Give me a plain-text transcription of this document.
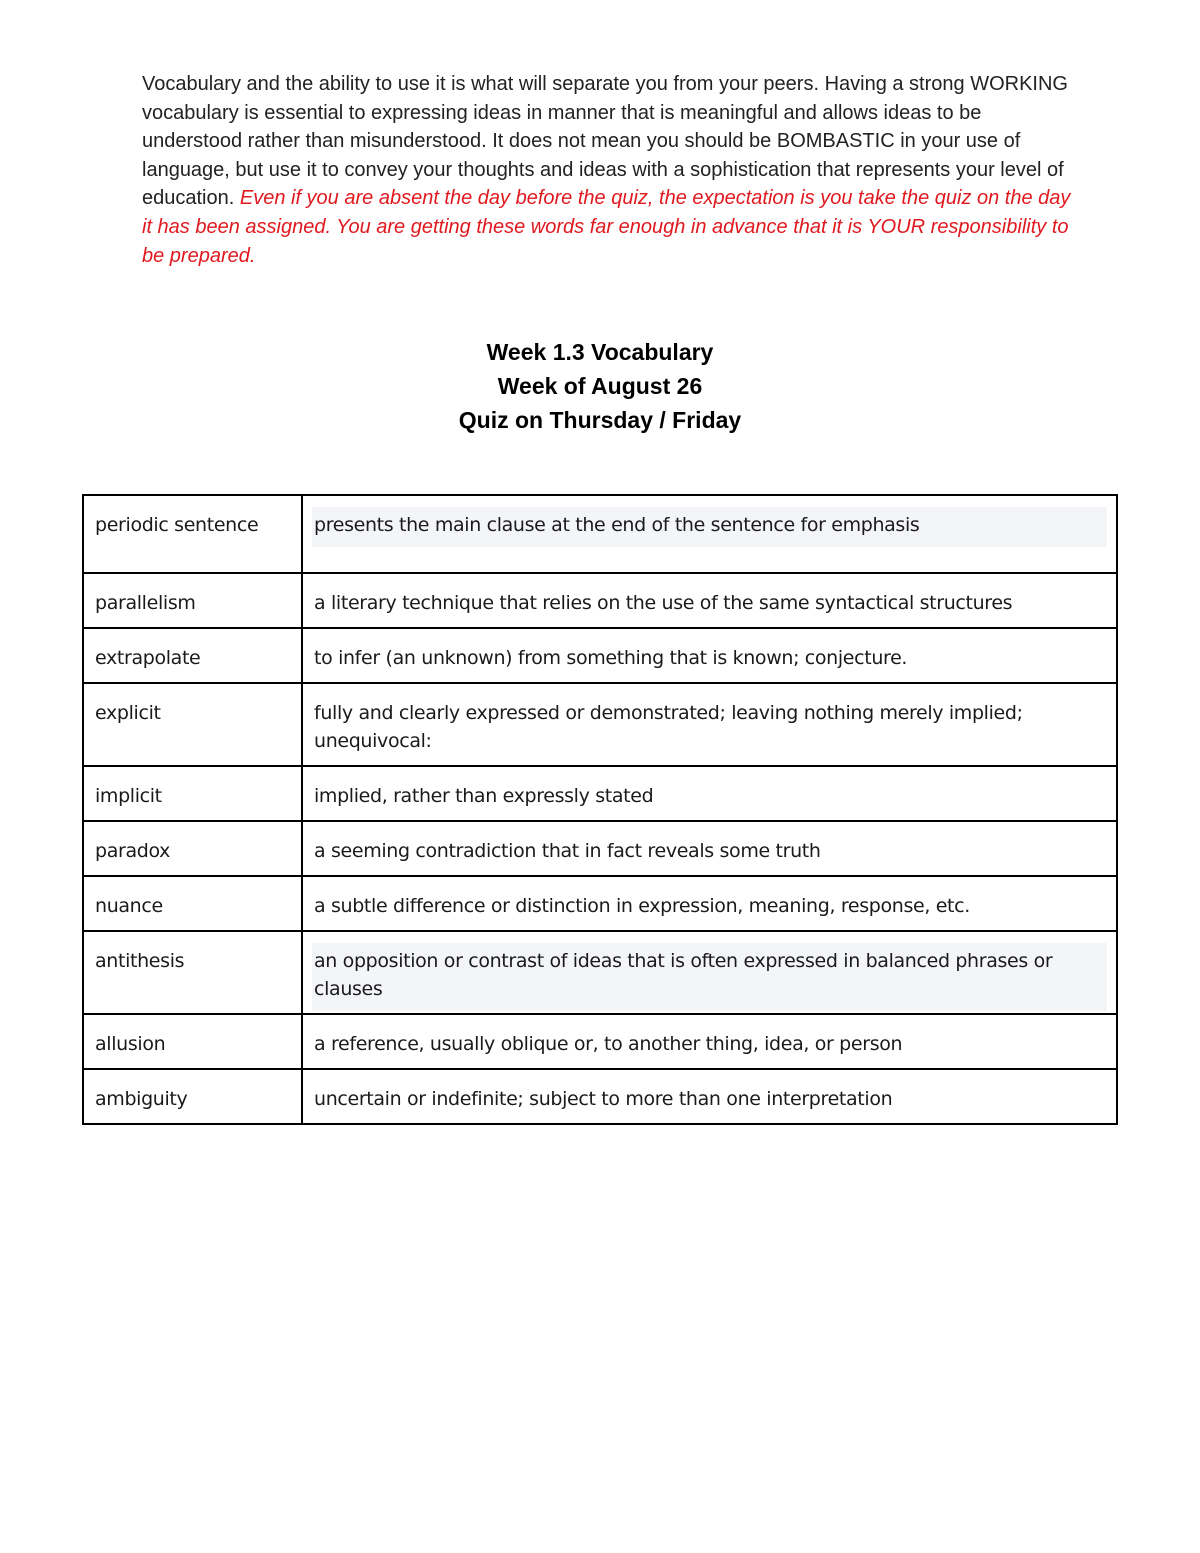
Vocabulary and the ability to use it is what will separate you from your peers. Having a strong WORKING vocabulary is essential to expressing ideas in manner that is meaningful and allows ideas to be understood rather than misunderstood. It does not mean you should be BOMBASTIC in your use of language, but use it to convey your thoughts and ideas with a sophistication that represents your level of education. Even if you are absent the day before the quiz, the expectation is you take the quiz on the day it has been assigned. You are getting these words far enough in advance that it is YOUR responsibility to be prepared.

Week 1.3 Vocabulary
Week of August 26
Quiz on Thursday / Friday
periodic sentence	presents the main clause at the end of the sentence for emphasis

parallelism	a literary technique that relies on the use of the same syntactical structures
extrapolate	to infer (an unknown) from something that is known; conjecture.
explicit	fully and clearly expressed or demonstrated; leaving nothing merely implied; unequivocal:
implicit	implied, rather than expressly stated
paradox	a seeming contradiction that in fact reveals some truth
nuance	a subtle difference or distinction in expression, meaning, response, etc.
antithesis	an opposition or contrast of ideas that is often expressed in balanced phrases or clauses

allusion	a reference, usually oblique or, to another thing, idea, or person
ambiguity	uncertain or indefinite; subject to more than one interpretation
